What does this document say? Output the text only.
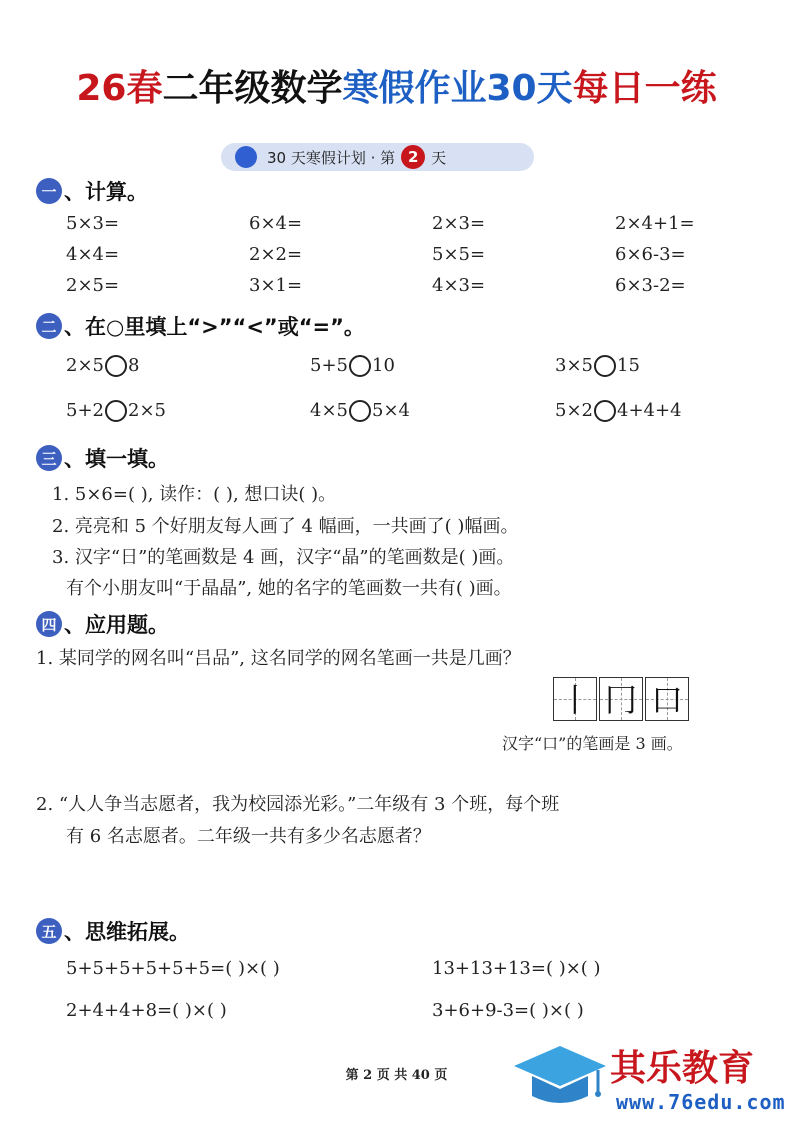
26春二年级数学寒假作业30天每日一练
30 天寒假计划 · 第 2 天
一 、计算。
5×3=	6×4=	2×3=	2×4+1=
4×4=	2×2=	5×5=	6×6-3=
2×5=	3×1=	4×3=	6×3-2=
二 、在○里填上“>”“<”或“=”。
2×5 8	5+5 10	3×5 15
5+2 2×5	4×5 5×4	5×2 4+4+4
三 、填一填。
1. 5×6=( ), 读作：( ), 想口诀( )。
2. 亮亮和 5 个好朋友每人画了 4 幅画，一共画了( )幅画。
3. 汉字“日”的笔画数是 4 画，汉字“晶”的笔画数是( )画。
有个小朋友叫“于晶晶”, 她的名字的笔画数一共有( )画。
四 、应用题。
1. 某同学的网名叫“吕品”, 这名同学的网名笔画一共是几画？
丨 冂 口
汉字“口”的笔画是 3 画。
2. “人人争当志愿者，我为校园添光彩。”二年级有 3 个班，每个班
有 6 名志愿者。二年级一共有多少名志愿者？
五 、思维拓展。
5+5+5+5+5+5=( )×( )	13+13+13=( )×( )
2+4+4+8=( )×( )	3+6+9-3=( )×( )
第 2 页 共 40 页	其乐教育
www.76edu.com
